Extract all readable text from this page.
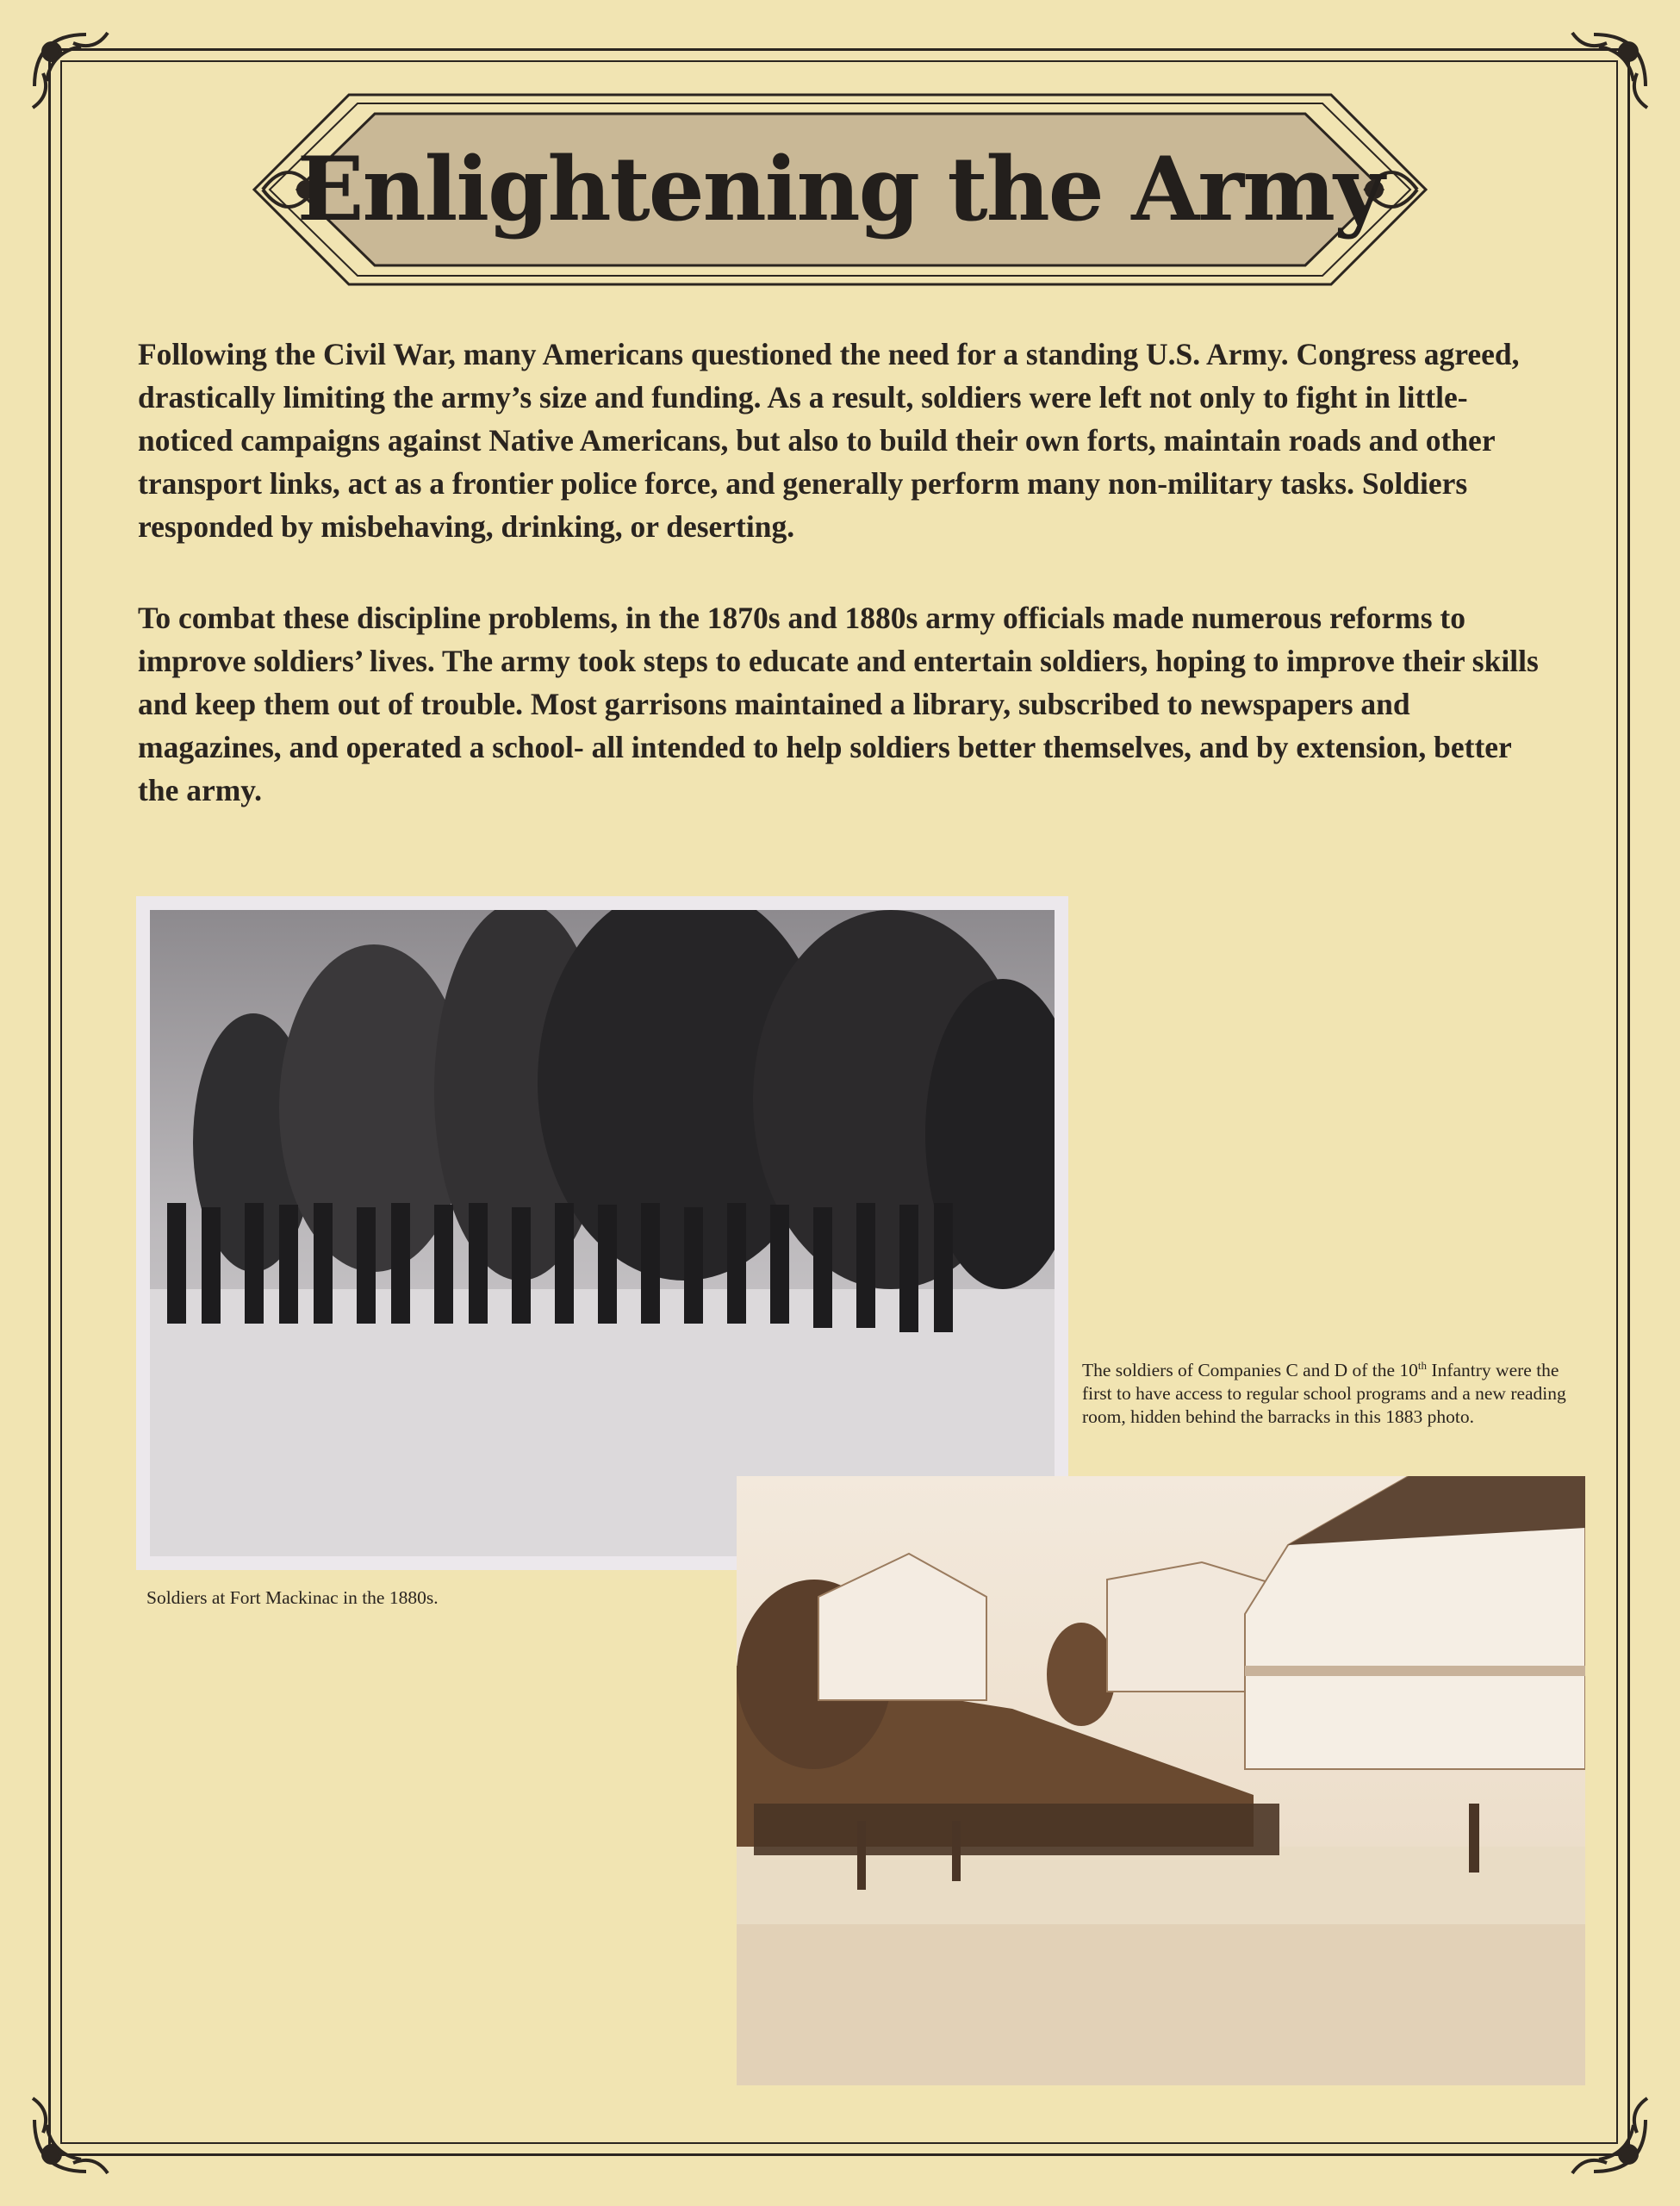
Enlightening the Army

Following the Civil War, many Americans questioned the need for a standing U.S. Army. Congress agreed, drastically limiting the army’s size and funding. As a result, soldiers were left not only to fight in little-noticed campaigns against Native Americans, but also to build their own forts, maintain roads and other transport links, act as a frontier police force, and generally perform many non-military tasks. Soldiers responded by misbehaving, drinking, or deserting.

To combat these discipline problems, in the 1870s and 1880s army officials made numerous reforms to improve soldiers’ lives. The army took steps to educate and entertain soldiers, hoping to improve their skills and keep them out of trouble. Most garrisons maintained a library, subscribed to newspapers and magazines, and operated a school- all intended to help soldiers better themselves, and by extension, better the army.

Soldiers at Fort Mackinac in the 1880s.

The soldiers of Companies C and D of the 10th Infantry were the first to have access to regular school programs and a new reading room, hidden behind the barracks in this 1883 photo.
